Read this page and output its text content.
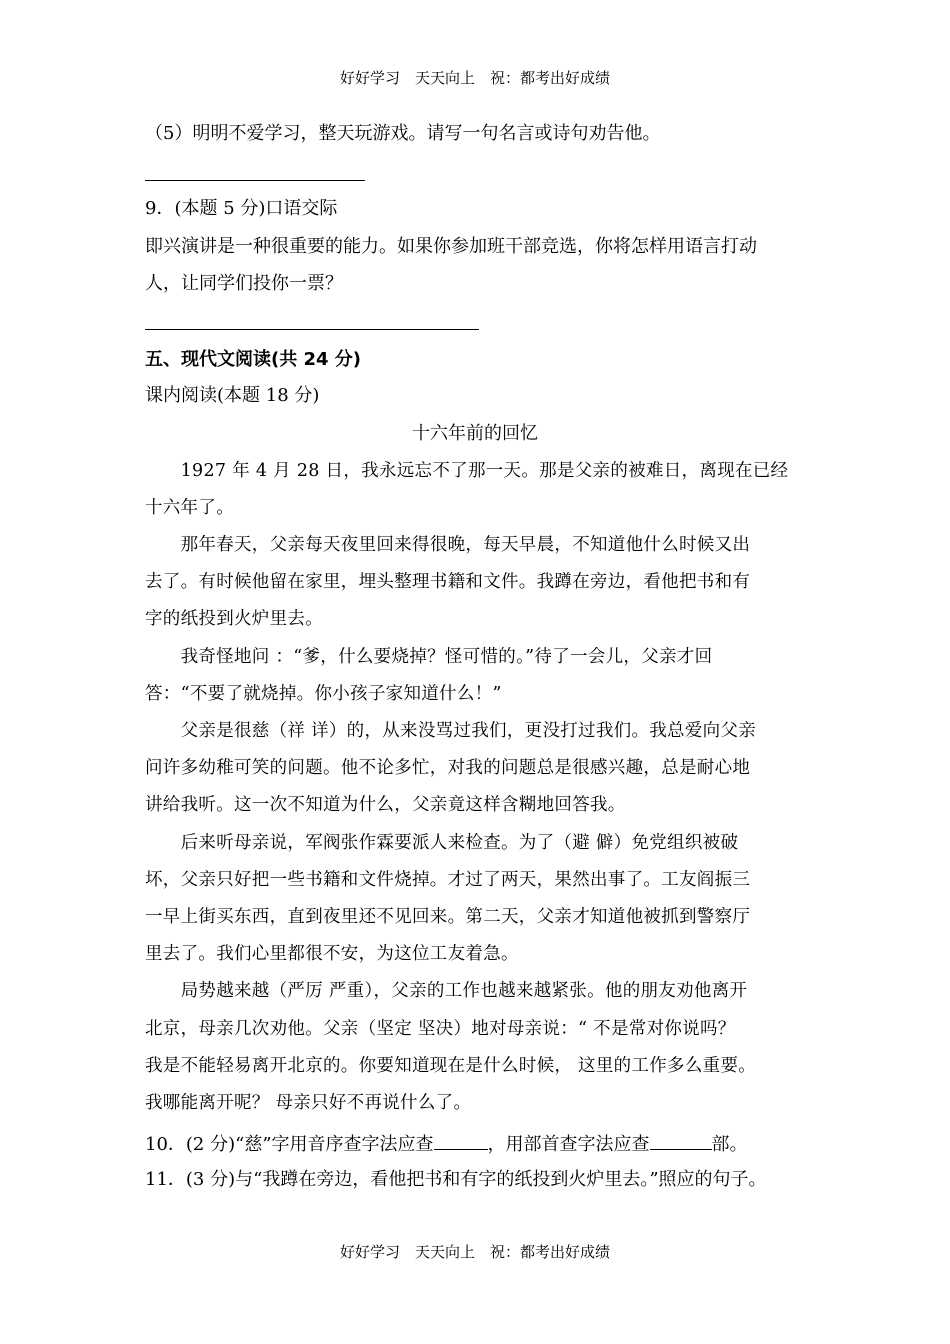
好好学习　天天向上　祝：都考出好成绩
（5）明明不爱学习，整天玩游戏。请写一句名言或诗句劝告他。
9．(本题 5 分)口语交际
即兴演讲是一种很重要的能力。如果你参加班干部竞选，你将怎样用语言打动
人，让同学们投你一票？
五、现代文阅读(共 24 分)
课内阅读(本题 18 分)
十六年前的回忆
　　1927 年 4 月 28 日，我永远忘不了那一天。那是父亲的被难日，离现在已经
十六年了。
　　那年春天，父亲每天夜里回来得很晚，每天早晨，不知道他什么时候又出
去了。有时候他留在家里，埋头整理书籍和文件。我蹲在旁边，看他把书和有
字的纸投到火炉里去。
　　我奇怪地问 ：“爹，什么要烧掉？怪可惜的。”待了一会儿，父亲才回
答：“不要了就烧掉。你小孩子家知道什么！”
　　父亲是很慈（祥 详）的，从来没骂过我们，更没打过我们。我总爱向父亲
问许多幼稚可笑的问题。他不论多忙，对我的问题总是很感兴趣，总是耐心地
讲给我听。这一次不知道为什么，父亲竟这样含糊地回答我。
　　后来听母亲说，军阀张作霖要派人来检查。为了（避 僻）免党组织被破
坏，父亲只好把一些书籍和文件烧掉。才过了两天，果然出事了。工友阎振三
一早上街买东西，直到夜里还不见回来。第二天，父亲才知道他被抓到警察厅
里去了。我们心里都很不安，为这位工友着急。
　　局势越来越（严厉 严重），父亲的工作也越来越紧张。他的朋友劝他离开
北京，母亲几次劝他。父亲（坚定 坚决）地对母亲说：“ 不是常对你说吗？
我是不能轻易离开北京的。你要知道现在是什么时候， 这里的工作多么重要。
我哪能离开呢？ 母亲只好不再说什么了。
10．(2 分)“慈”字用音序查字法应查	，用部首查字法应查	部。
11．(3 分)与“我蹲在旁边，看他把书和有字的纸投到火炉里去。”照应的句子。
好好学习　天天向上　祝：都考出好成绩
